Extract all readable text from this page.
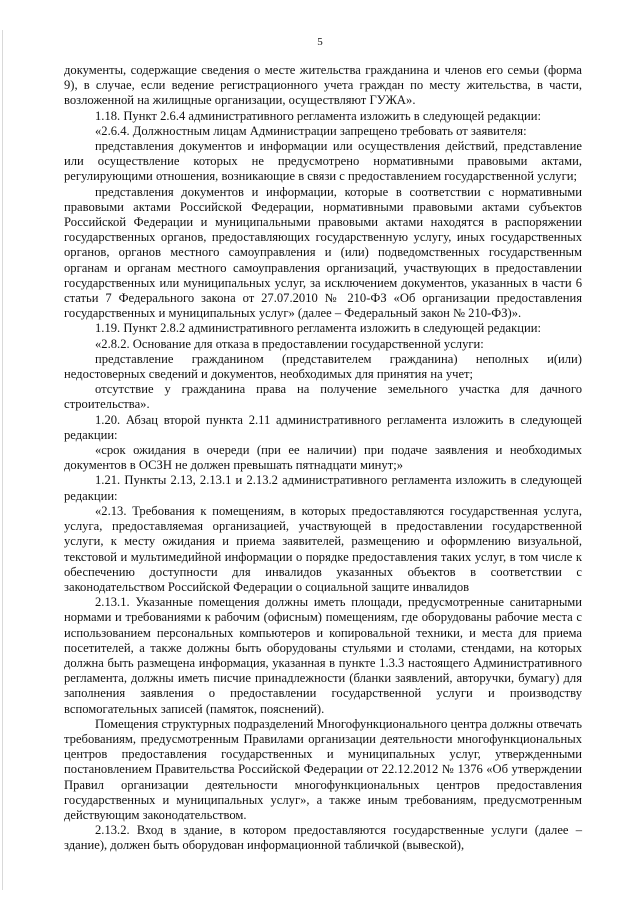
5

документы, содержащие сведения о месте жительства гражданина и членов его семьи (форма 9), в случае, если ведение регистрационного учета граждан по месту жительства, в части, возложенной на жилищные организации, осуществляют ГУЖА».

1.18. Пункт 2.6.4 административного регламента изложить в следующей редакции:

«2.6.4. Должностным лицам Администрации запрещено требовать от заявителя:

представления документов и информации или осуществления действий, представление или осуществление которых не предусмотрено нормативными правовыми актами, регулирующими отношения, возникающие в связи с предоставлением государственной услуги;

представления документов и информации, которые в соответствии с нормативными правовыми актами Российской Федерации, нормативными правовыми актами субъектов Российской Федерации и муниципальными правовыми актами находятся в распоряжении государственных органов, предоставляющих государственную услугу, иных государственных органов, органов местного самоуправления и (или) подведомственных государственным органам и органам местного самоуправления организаций, участвующих в предоставлении государственных или муниципальных услуг, за исключением документов, указанных в части 6 статьи 7 Федерального закона от 27.07.2010 № 210-ФЗ «Об организации предоставления государственных и муниципальных услуг» (далее – Федеральный закон № 210-ФЗ)».

1.19. Пункт 2.8.2 административного регламента изложить в следующей редакции:

«2.8.2. Основание для отказа в предоставлении государственной услуги:

представление гражданином (представителем гражданина) неполных и(или) недостоверных сведений и документов, необходимых для принятия на учет;

отсутствие у гражданина права на получение земельного участка для дачного строительства».

1.20. Абзац второй пункта 2.11 административного регламента изложить в следующей редакции:

«срок ожидания в очереди (при ее наличии) при подаче заявления и необходимых документов в ОСЗН не должен превышать пятнадцати минут;»

1.21. Пункты 2.13, 2.13.1 и 2.13.2 административного регламента изложить в следующей редакции:

«2.13. Требования к помещениям, в которых предоставляются государственная услуга, услуга, предоставляемая организацией, участвующей в предоставлении государственной услуги, к месту ожидания и приема заявителей, размещению и оформлению визуальной, текстовой и мультимедийной информации о порядке предоставления таких услуг, в том числе к обеспечению доступности для инвалидов указанных объектов в соответствии с законодательством Российской Федерации о социальной защите инвалидов

2.13.1. Указанные помещения должны иметь площади, предусмотренные санитарными нормами и требованиями к рабочим (офисным) помещениям, где оборудованы рабочие места с использованием персональных компьютеров и копировальной техники, и места для приема посетителей, а также должны быть оборудованы стульями и столами, стендами, на которых должна быть размещена информация, указанная в пункте 1.3.3 настоящего Административного регламента, должны иметь писчие принадлежности (бланки заявлений, авторучки, бумагу) для заполнения заявления о предоставлении государственной услуги и производству вспомогательных записей (памяток, пояснений).

Помещения структурных подразделений Многофункционального центра должны отвечать требованиям, предусмотренным Правилами организации деятельности многофункциональных центров предоставления государственных и муниципальных услуг, утвержденными постановлением Правительства Российской Федерации от 22.12.2012 № 1376 «Об утверждении Правил организации деятельности многофункциональных центров предоставления государственных и муниципальных услуг», а также иным требованиям, предусмотренным действующим законодательством.

2.13.2. Вход в здание, в котором предоставляются государственные услуги (далее – здание), должен быть оборудован информационной табличкой (вывеской),
